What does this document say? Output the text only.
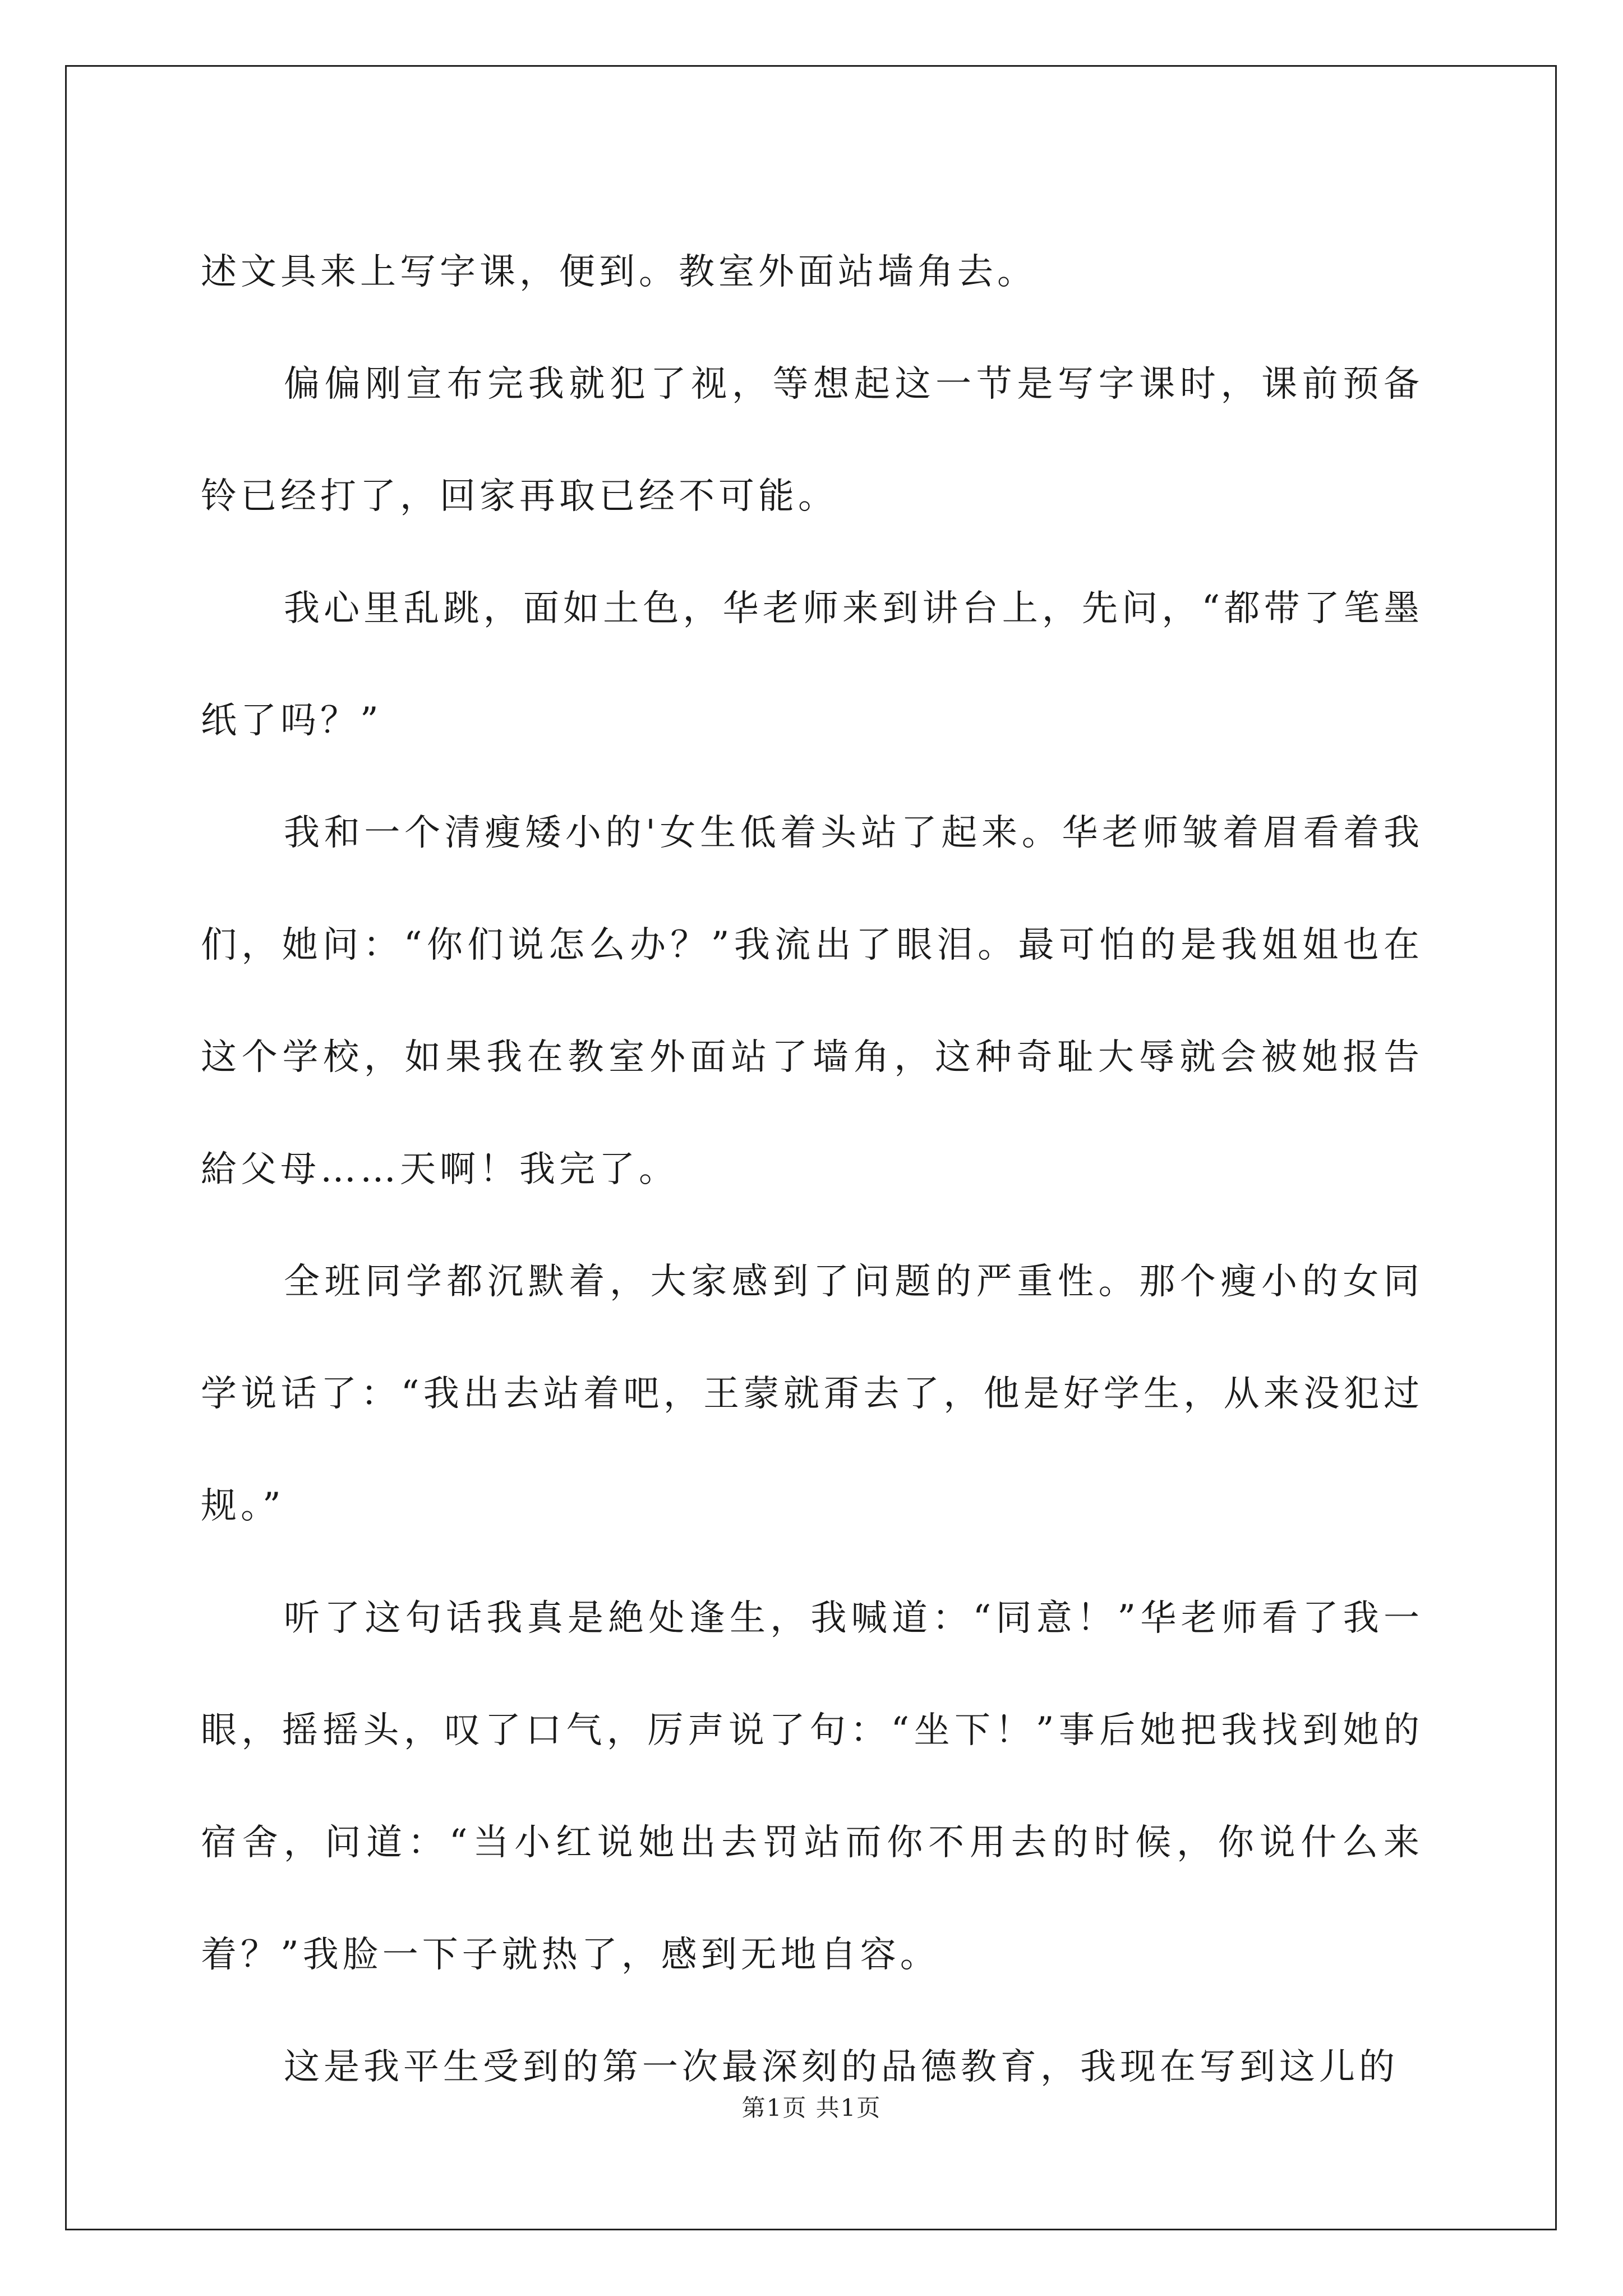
述文具来上写字课，便到。教室外面站墙角去。

偏偏刚宣布完我就犯了视，等想起这一节是写字课时，课前预备铃已经打了，回家再取已经不可能。

我心里乱跳，面如土色，华老师来到讲台上，先问，“都带了笔墨纸了吗？”

我和一个清瘦矮小的'女生低着头站了起来。华老师皱着眉看着我们，她问：“你们说怎么办？”我流出了眼泪。最可怕的是我姐姐也在这个学校，如果我在教室外面站了墙角，这种奇耻大辱就会被她报告給父母……天啊！我完了。

全班同学都沉默着，大家感到了问题的严重性。那个瘦小的女同学说话了：“我出去站着吧，王蒙就甭去了，他是好学生，从来没犯过规。”

听了这句话我真是絶处逢生，我喊道：“同意！”华老师看了我一眼，摇摇头，叹了口气，厉声说了句：“坐下！”事后她把我找到她的宿舍，问道：“当小红说她出去罚站而你不用去的时候，你说什么来着？”我脸一下子就热了，感到无地自容。

这是我平生受到的第一次最深刻的品德教育，我现在写到这儿的

第1页 共1页
